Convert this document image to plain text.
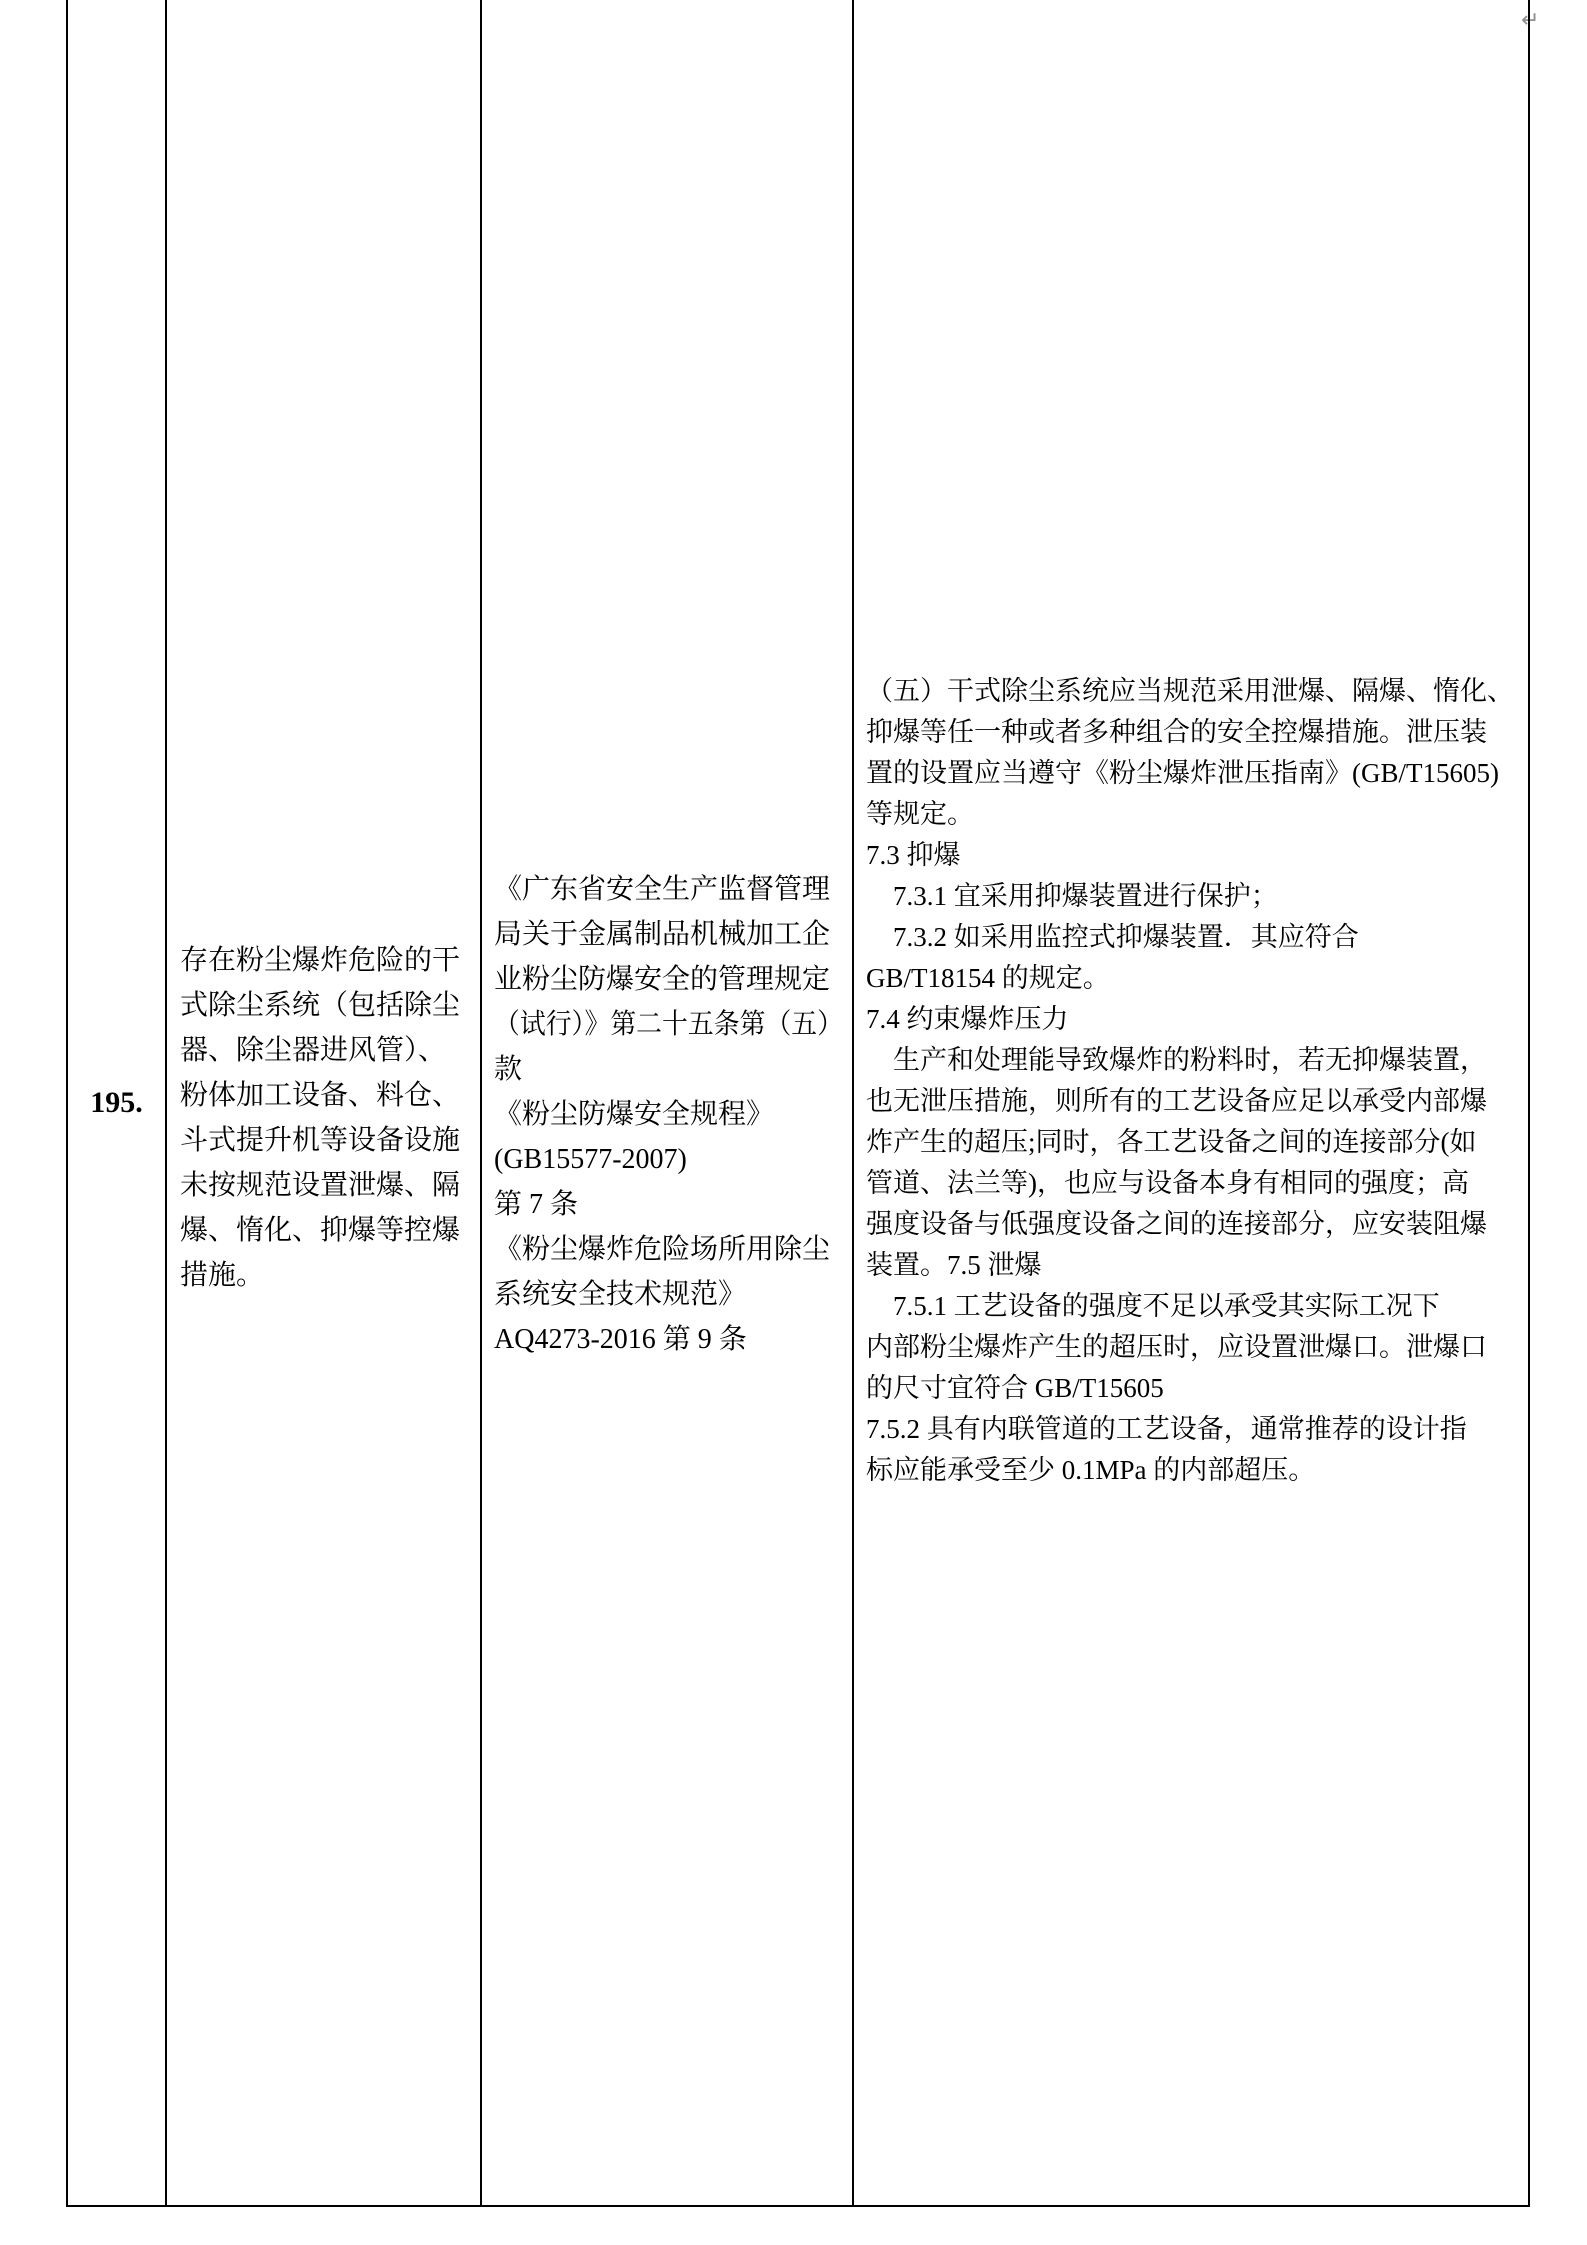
↵
195.
存在粉尘爆炸危险的干
式除尘系统（包括除尘
器、除尘器进风管）、
粉体加工设备、料仓、
斗式提升机等设备设施
未按规范设置泄爆、隔
爆、惰化、抑爆等控爆
措施。
《广东省安全生产监督管理
局关于金属制品机械加工企
业粉尘防爆安全的管理规定
（试行）》第二十五条第（五）
款
《粉尘防爆安全规程》
(GB15577-2007)
第 7 条
《粉尘爆炸危险场所用除尘
系统安全技术规范》
AQ4273-2016 第 9 条
（五）干式除尘系统应当规范采用泄爆、隔爆、惰化、
抑爆等任一种或者多种组合的安全控爆措施。泄压装
置的设置应当遵守《粉尘爆炸泄压指南》(GB/T15605)
等规定。
7.3 抑爆
　7.3.1 宜采用抑爆装置进行保护；
　7.3.2 如采用监控式抑爆装置．其应符合
GB/T18154 的规定。
7.4 约束爆炸压力
　生产和处理能导致爆炸的粉料时，若无抑爆装置，
也无泄压措施，则所有的工艺设备应足以承受内部爆
炸产生的超压;同时，各工艺设备之间的连接部分(如
管道、法兰等)，也应与设备本身有相同的强度；高
强度设备与低强度设备之间的连接部分，应安装阻爆
装置。7.5 泄爆
　7.5.1 工艺设备的强度不足以承受其实际工况下
内部粉尘爆炸产生的超压时，应设置泄爆口。泄爆口
的尺寸宜符合 GB/T15605
7.5.2 具有内联管道的工艺设备，通常推荐的设计指
标应能承受至少 0.1MPa 的内部超压。
